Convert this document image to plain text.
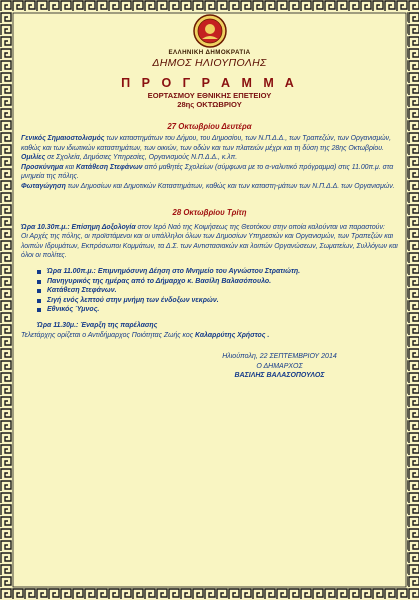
ΕΛΛΗΝΙΚΗ ΔΗΜΟΚΡΑΤΙΑ
ΔΗΜΟΣ ΗΛΙΟΥΠΟΛΗΣ
Π Ρ Ο Γ Ρ Α Μ Μ Α
ΕΟΡΤΑΣΜΟΥ ΕΘΝΙΚΗΣ ΕΠΕΤΕΙΟΥ
28ης ΟΚΤΩΒΡΙΟΥ
27 Οκτωβρίου Δευτέρα

Γενικός Σημαιοστολισμός των καταστημάτων του Δήμου, του Δημοσίου, των Ν.Π.Δ.Δ., των Τραπεζών, των Οργανισμών, καθώς και των ιδιωτικών καταστημάτων, των οικιών, των οδών και των πλατειών μέχρι και τη δύση της 28ης Οκτωβρίου.

Ομιλίες σε Σχολεία, Δημόσιες Υπηρεσίες, Οργανισμούς Ν.Π.Δ.Δ., κ.λπ.

Προσκύνημα και Κατάθεση Στεφάνων από μαθητές Σχολείων (σύμφωνα με το α-ναλυτικό πρόγραμμα) στις 11.00π.μ. στα μνημεία της πόλης.

Φωταγώγηση των Δημοσίων και Δημοτικών Καταστημάτων, καθώς και των καταστη-μάτων των Ν.Π.Δ.Δ. των Οργανισμών.

28 Οκτωβρίου Τρίτη

Ώρα 10.30π.μ.: Επίσημη Δοξολογία στον Ιερό Ναό της Κοιμήσεως της Θεοτόκου στην οποία καλούνται να παραστούν:

Οι Αρχές της πόλης, οι προϊστάμενοι και οι υπάλληλοι όλων των Δημοσίων Υπηρεσιών και Οργανισμών, των Τραπεζών και λοιπών Ιδρυμάτων, Εκπρόσωποι Κομμάτων, τα Δ.Σ. των Αντιστασιακών και λοιπών Οργανώσεων, Σωματείων, Συλλόγων και όλοι οι πολίτες.

Ώρα 11.00π.μ.: Επιμνημόσυνη Δέηση στο Μνημείο του Αγνώστου Στρατιώτη.
Πανηγυρικός της ημέρας από το Δήμαρχο κ. Βασίλη Βαλασόπουλο.
Κατάθεση Στεφάνων.
Σιγή ενός λεπτού στην μνήμη των ένδοξων νεκρών.
Εθνικός Ύμνος.

Ώρα 11.30μ.: Έναρξη της παρέλασης

Τελετάρχης ορίζεται ο Αντιδήμαρχος Ποιότητας Ζωής κος Καλαρρύτης Χρήστος .

Ηλιούπολη, 22 ΣΕΠΤΕΜΒΡΙΟΥ 2014
Ο ΔΗΜΑΡΧΟΣ
ΒΑΣΙΛΗΣ ΒΑΛΑΣΟΠΟΥΛΟΣ
